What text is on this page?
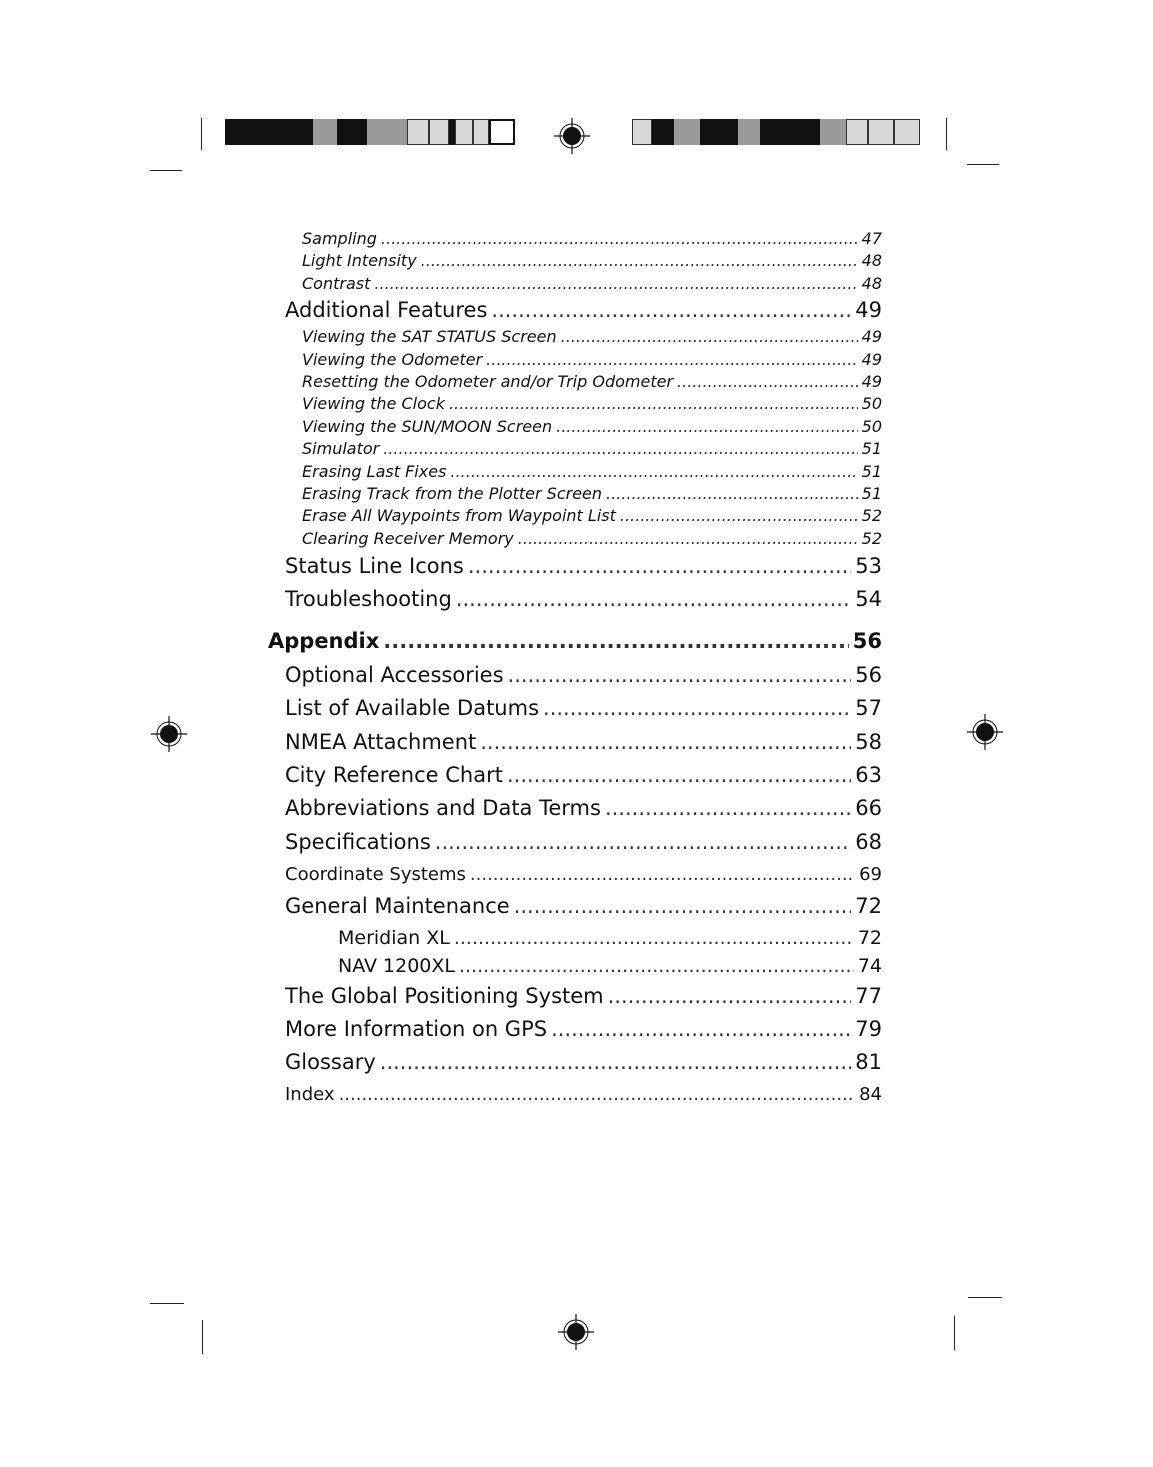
Sampling .....	47
Light Intensity .....	48
Contrast .....	48
Additional Features .....	49
Viewing the SAT STATUS Screen .....	49
Viewing the Odometer .....	49
Resetting the Odometer and/or Trip Odometer .....	49
Viewing the Clock .....	50
Viewing the SUN/MOON Screen .....	50
Simulator .....	51
Erasing Last Fixes .....	51
Erasing Track from the Plotter Screen .....	51
Erase All Waypoints from Waypoint List .....	52
Clearing Receiver Memory .....	52
Status Line Icons .....	53
Troubleshooting .....	54
Appendix .....	56
Optional Accessories .....	56
List of Available Datums .....	57
NMEA Attachment .....	58
City Reference Chart .....	63
Abbreviations and Data Terms .....	66
Specifications .....	68
Coordinate Systems .....	69
General Maintenance .....	72
Meridian XL .....	72
NAV 1200XL .....	74
The Global Positioning System .....	77
More Information on GPS .....	79
Glossary .....	81
Index .....	84
